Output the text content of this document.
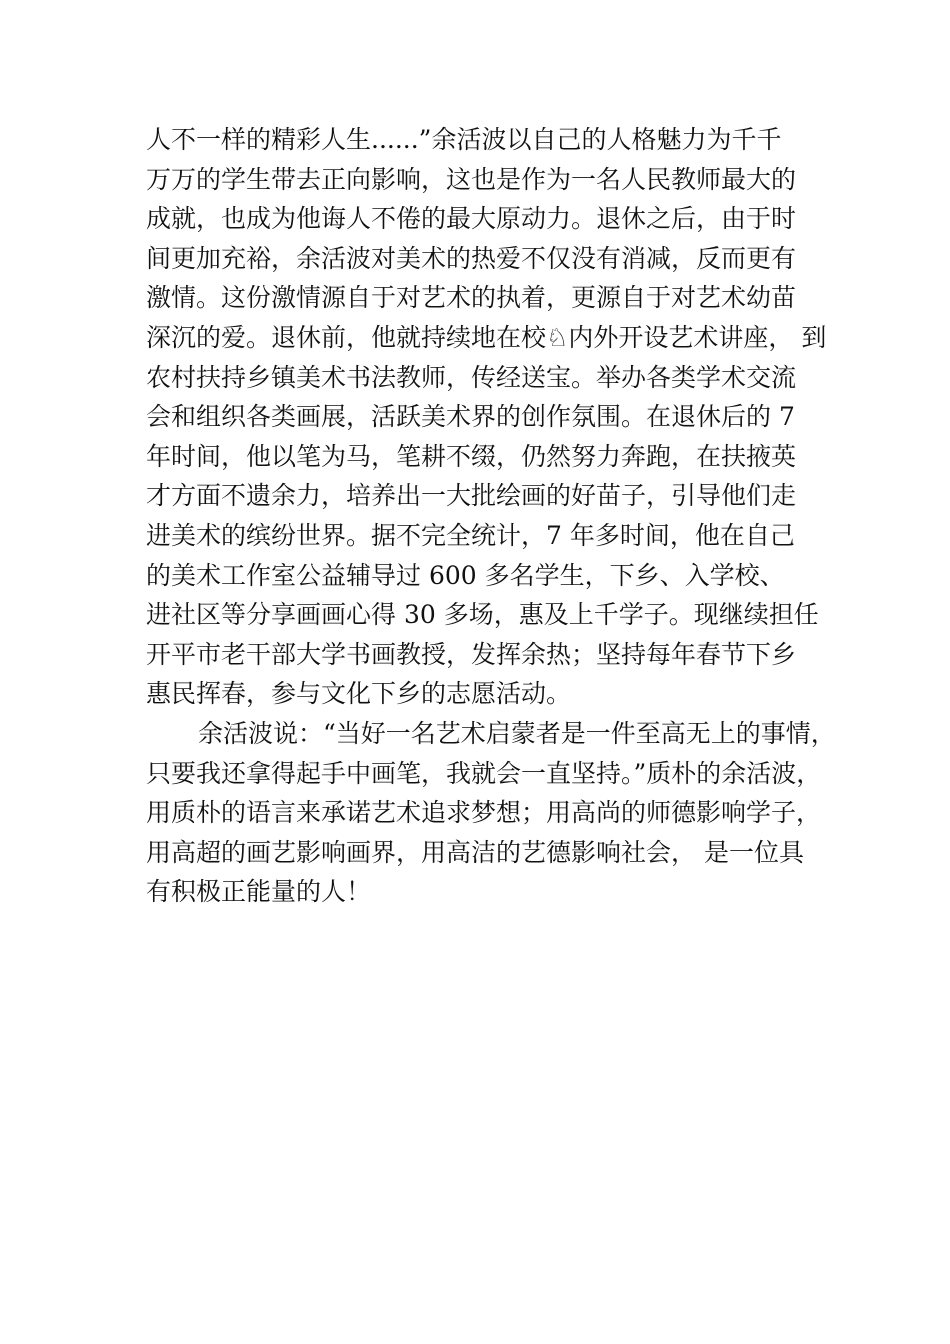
人不一样的精彩人生......”余活波以自己的人格魅力为千千
万万的学生带去正向影响，这也是作为一名人民教师最大的
成就，也成为他诲人不倦的最大原动力。退休之后，由于时
间更加充裕，余活波对美术的热爱不仅没有消减，反而更有
激情。这份激情源自于对艺术的执着，更源自于对艺术幼苗
深沉的爱。退休前，他就持续地在校♘内外开设艺术讲座， 到
农村扶持乡镇美术书法教师，传经送宝。举办各类学术交流
会和组织各类画展，活跃美术界的创作氛围。在退休后的 7
年时间，他以笔为马，笔耕不缀，仍然努力奔跑，在扶掖英
才方面不遗余力，培养出一大批绘画的好苗子，引导他们走
进美术的缤纷世界。据不完全统计，7 年多时间，他在自己
的美术工作室公益辅导过 600 多名学生，下乡、入学校、
进社区等分享画画心得 30 多场，惠及上千学子。现继续担任
开平市老干部大学书画教授，发挥余热；坚持每年春节下乡
惠民挥春，参与文化下乡的志愿活动。
余活波说：“当好一名艺术启蒙者是一件至高无上的事情，
只要我还拿得起手中画笔，我就会一直坚持。”质朴的余活波，
用质朴的语言来承诺艺术追求梦想；用高尚的师德影响学子，
用高超的画艺影响画界，用高洁的艺德影响社会， 是一位具
有积极正能量的人！
